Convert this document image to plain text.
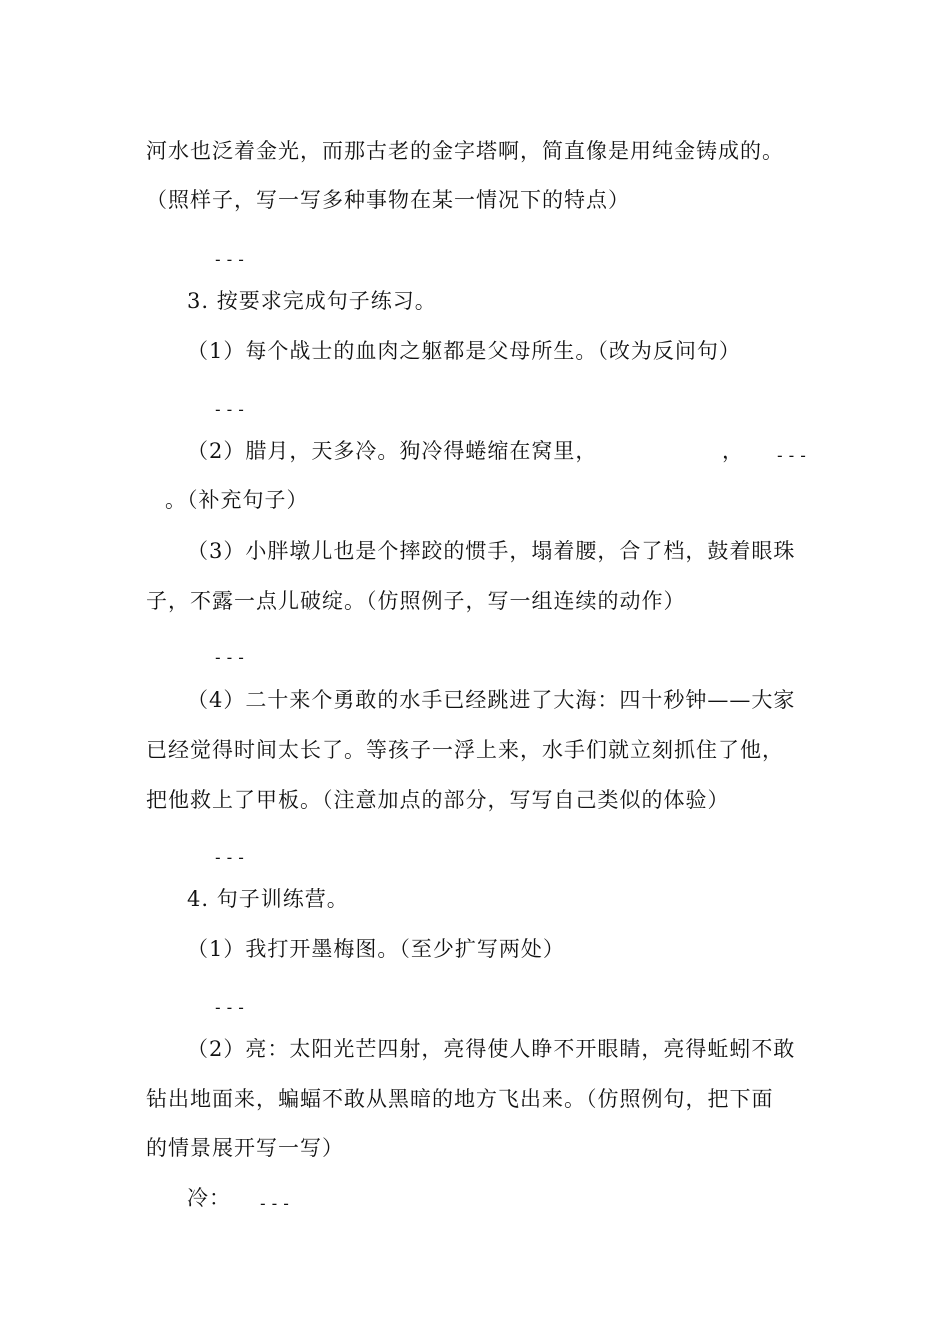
河水也泛着金光，而那古老的金字塔啊，简直像是用纯金铸成的。
（照样子，写一写多种事物在某一情况下的特点）
---
3. 按要求完成句子练习。
（1）每个战士的血肉之躯都是父母所生。（改为反问句）
---
（2）腊月，天多冷。狗冷得蜷缩在窝里，	， ---
。（补充句子）
（3）小胖墩儿也是个摔跤的惯手，塌着腰，合了档，鼓着眼珠
子，不露一点儿破绽。（仿照例子，写一组连续的动作）
---
（4）二十来个勇敢的水手已经跳进了大海：四十秒钟——大家
已经觉得时间太长了。等孩子一浮上来，水手们就立刻抓住了他，
把他救上了甲板。（注意加点的部分，写写自己类似的体验）
---
4. 句子训练营。
（1）我打开墨梅图。（至少扩写两处）
---
（2）亮：太阳光芒四射，亮得使人睁不开眼睛，亮得蚯蚓不敢
钻出地面来，蝙蝠不敢从黑暗的地方飞出来。（仿照例句，把下面
的情景展开写一写）
冷： ---
